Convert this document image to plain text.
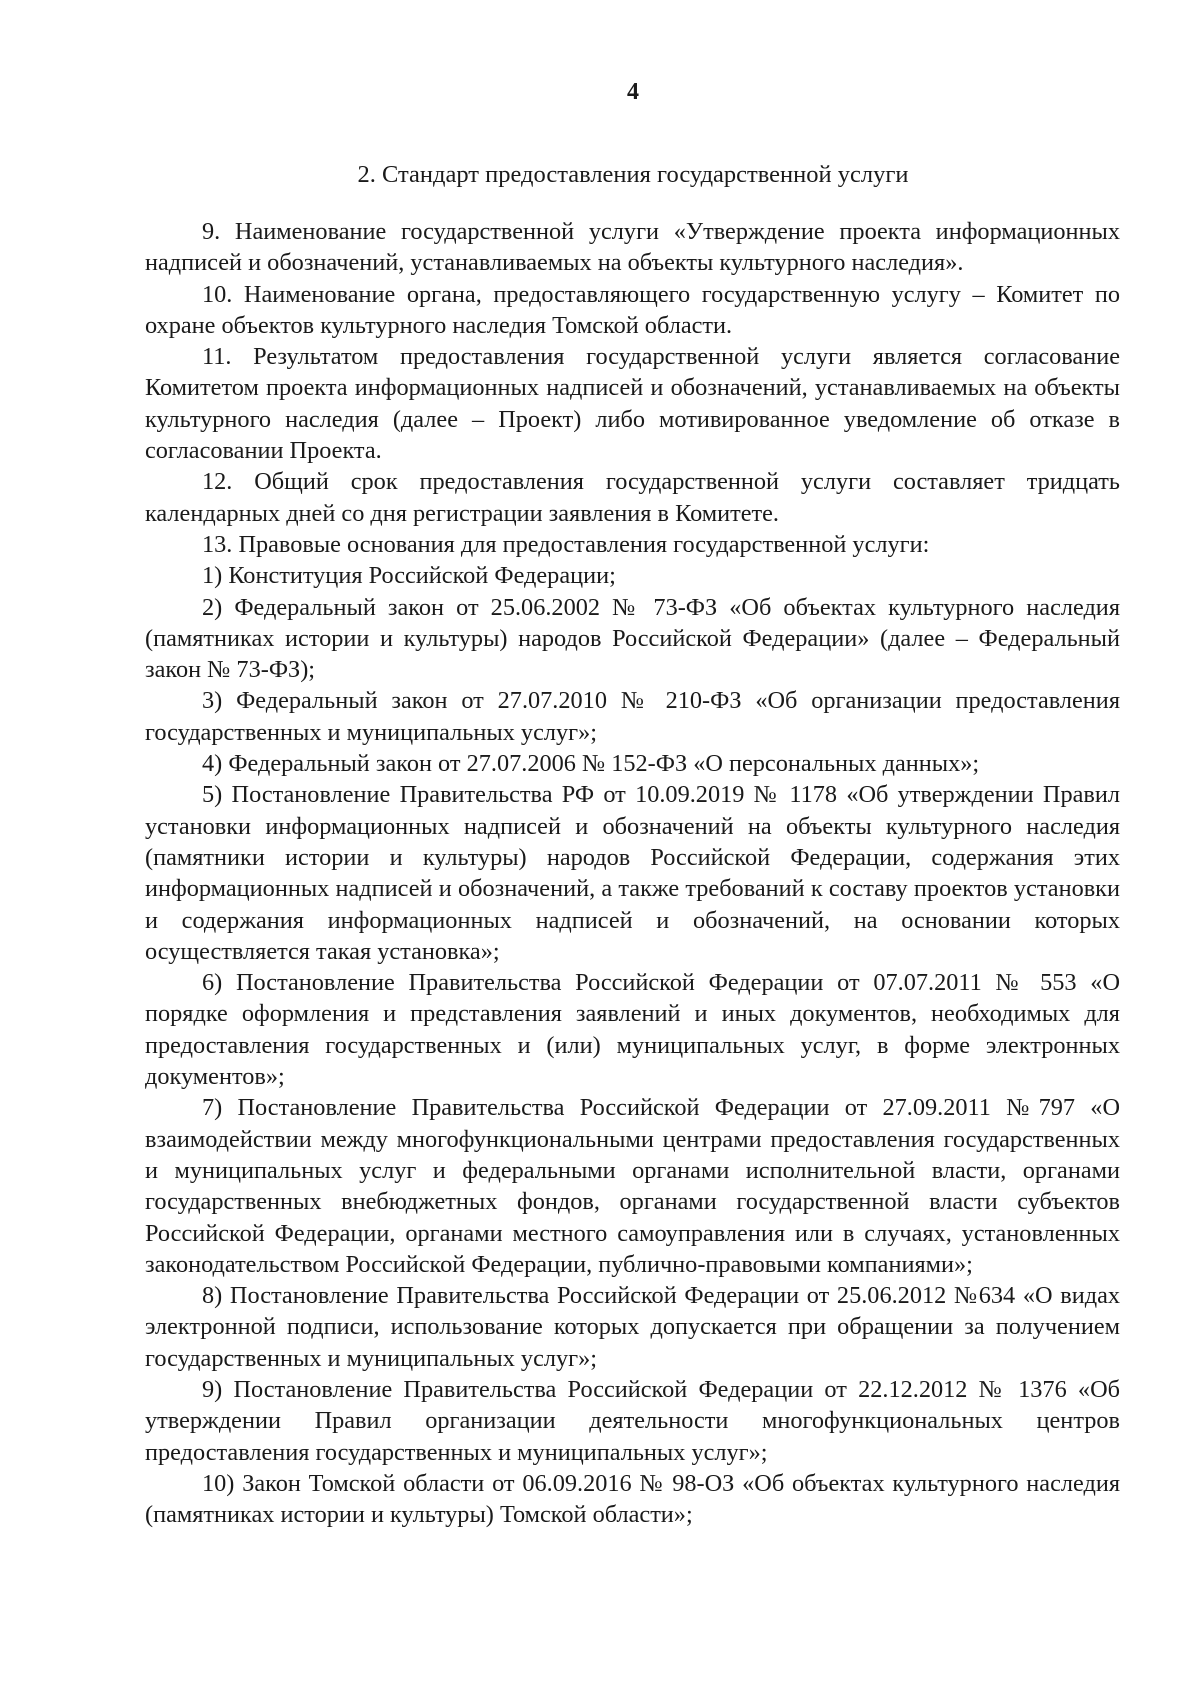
4
2. Стандарт предоставления государственной услуги

9. Наименование государственной услуги «Утверждение проекта информационных надписей и обозначений, устанавливаемых на объекты культурного наследия».

10. Наименование органа, предоставляющего государственную услугу – Комитет по охране объектов культурного наследия Томской области.

11. Результатом предоставления государственной услуги является согласование Комитетом проекта информационных надписей и обозначений, устанавливаемых на объекты культурного наследия (далее – Проект) либо мотивированное уведомление об отказе в согласовании Проекта.

12. Общий срок предоставления государственной услуги составляет тридцать календарных дней со дня регистрации заявления в Комитете.

13. Правовые основания для предоставления государственной услуги:

1) Конституция Российской Федерации;

2) Федеральный закон от 25.06.2002 № 73-ФЗ «Об объектах культурного наследия (памятниках истории и культуры) народов Российской Федерации» (далее – Федеральный закон № 73-ФЗ);

3) Федеральный закон от 27.07.2010 № 210-ФЗ «Об организации предоставления государственных и муниципальных услуг»;

4) Федеральный закон от 27.07.2006 № 152-ФЗ «О персональных данных»;

5) Постановление Правительства РФ от 10.09.2019 № 1178 «Об утверждении Правил установки информационных надписей и обозначений на объекты культурного наследия (памятники истории и культуры) народов Российской Федерации, содержания этих информационных надписей и обозначений, а также требований к составу проектов установки и содержания информационных надписей и обозначений, на основании которых осуществляется такая установка»;

6) Постановление Правительства Российской Федерации от 07.07.2011 № 553 «О порядке оформления и представления заявлений и иных документов, необходимых для предоставления государственных и (или) муниципальных услуг, в форме электронных документов»;

7) Постановление Правительства Российской Федерации от 27.09.2011 №797 «О взаимодействии между многофункциональными центрами предоставления государственных и муниципальных услуг и федеральными органами исполнительной власти, органами государственных внебюджетных фондов, органами государственной власти субъектов Российской Федерации, органами местного самоуправления или в случаях, установленных законодательством Российской Федерации, публично-правовыми компаниями»;

8) Постановление Правительства Российской Федерации от 25.06.2012 №634 «О видах электронной подписи, использование которых допускается при обращении за получением государственных и муниципальных услуг»;

9) Постановление Правительства Российской Федерации от 22.12.2012 № 1376 «Об утверждении Правил организации деятельности многофункциональных центров предоставления государственных и муниципальных услуг»;

10) Закон Томской области от 06.09.2016 № 98-ОЗ «Об объектах культурного наследия (памятниках истории и культуры) Томской области»;
